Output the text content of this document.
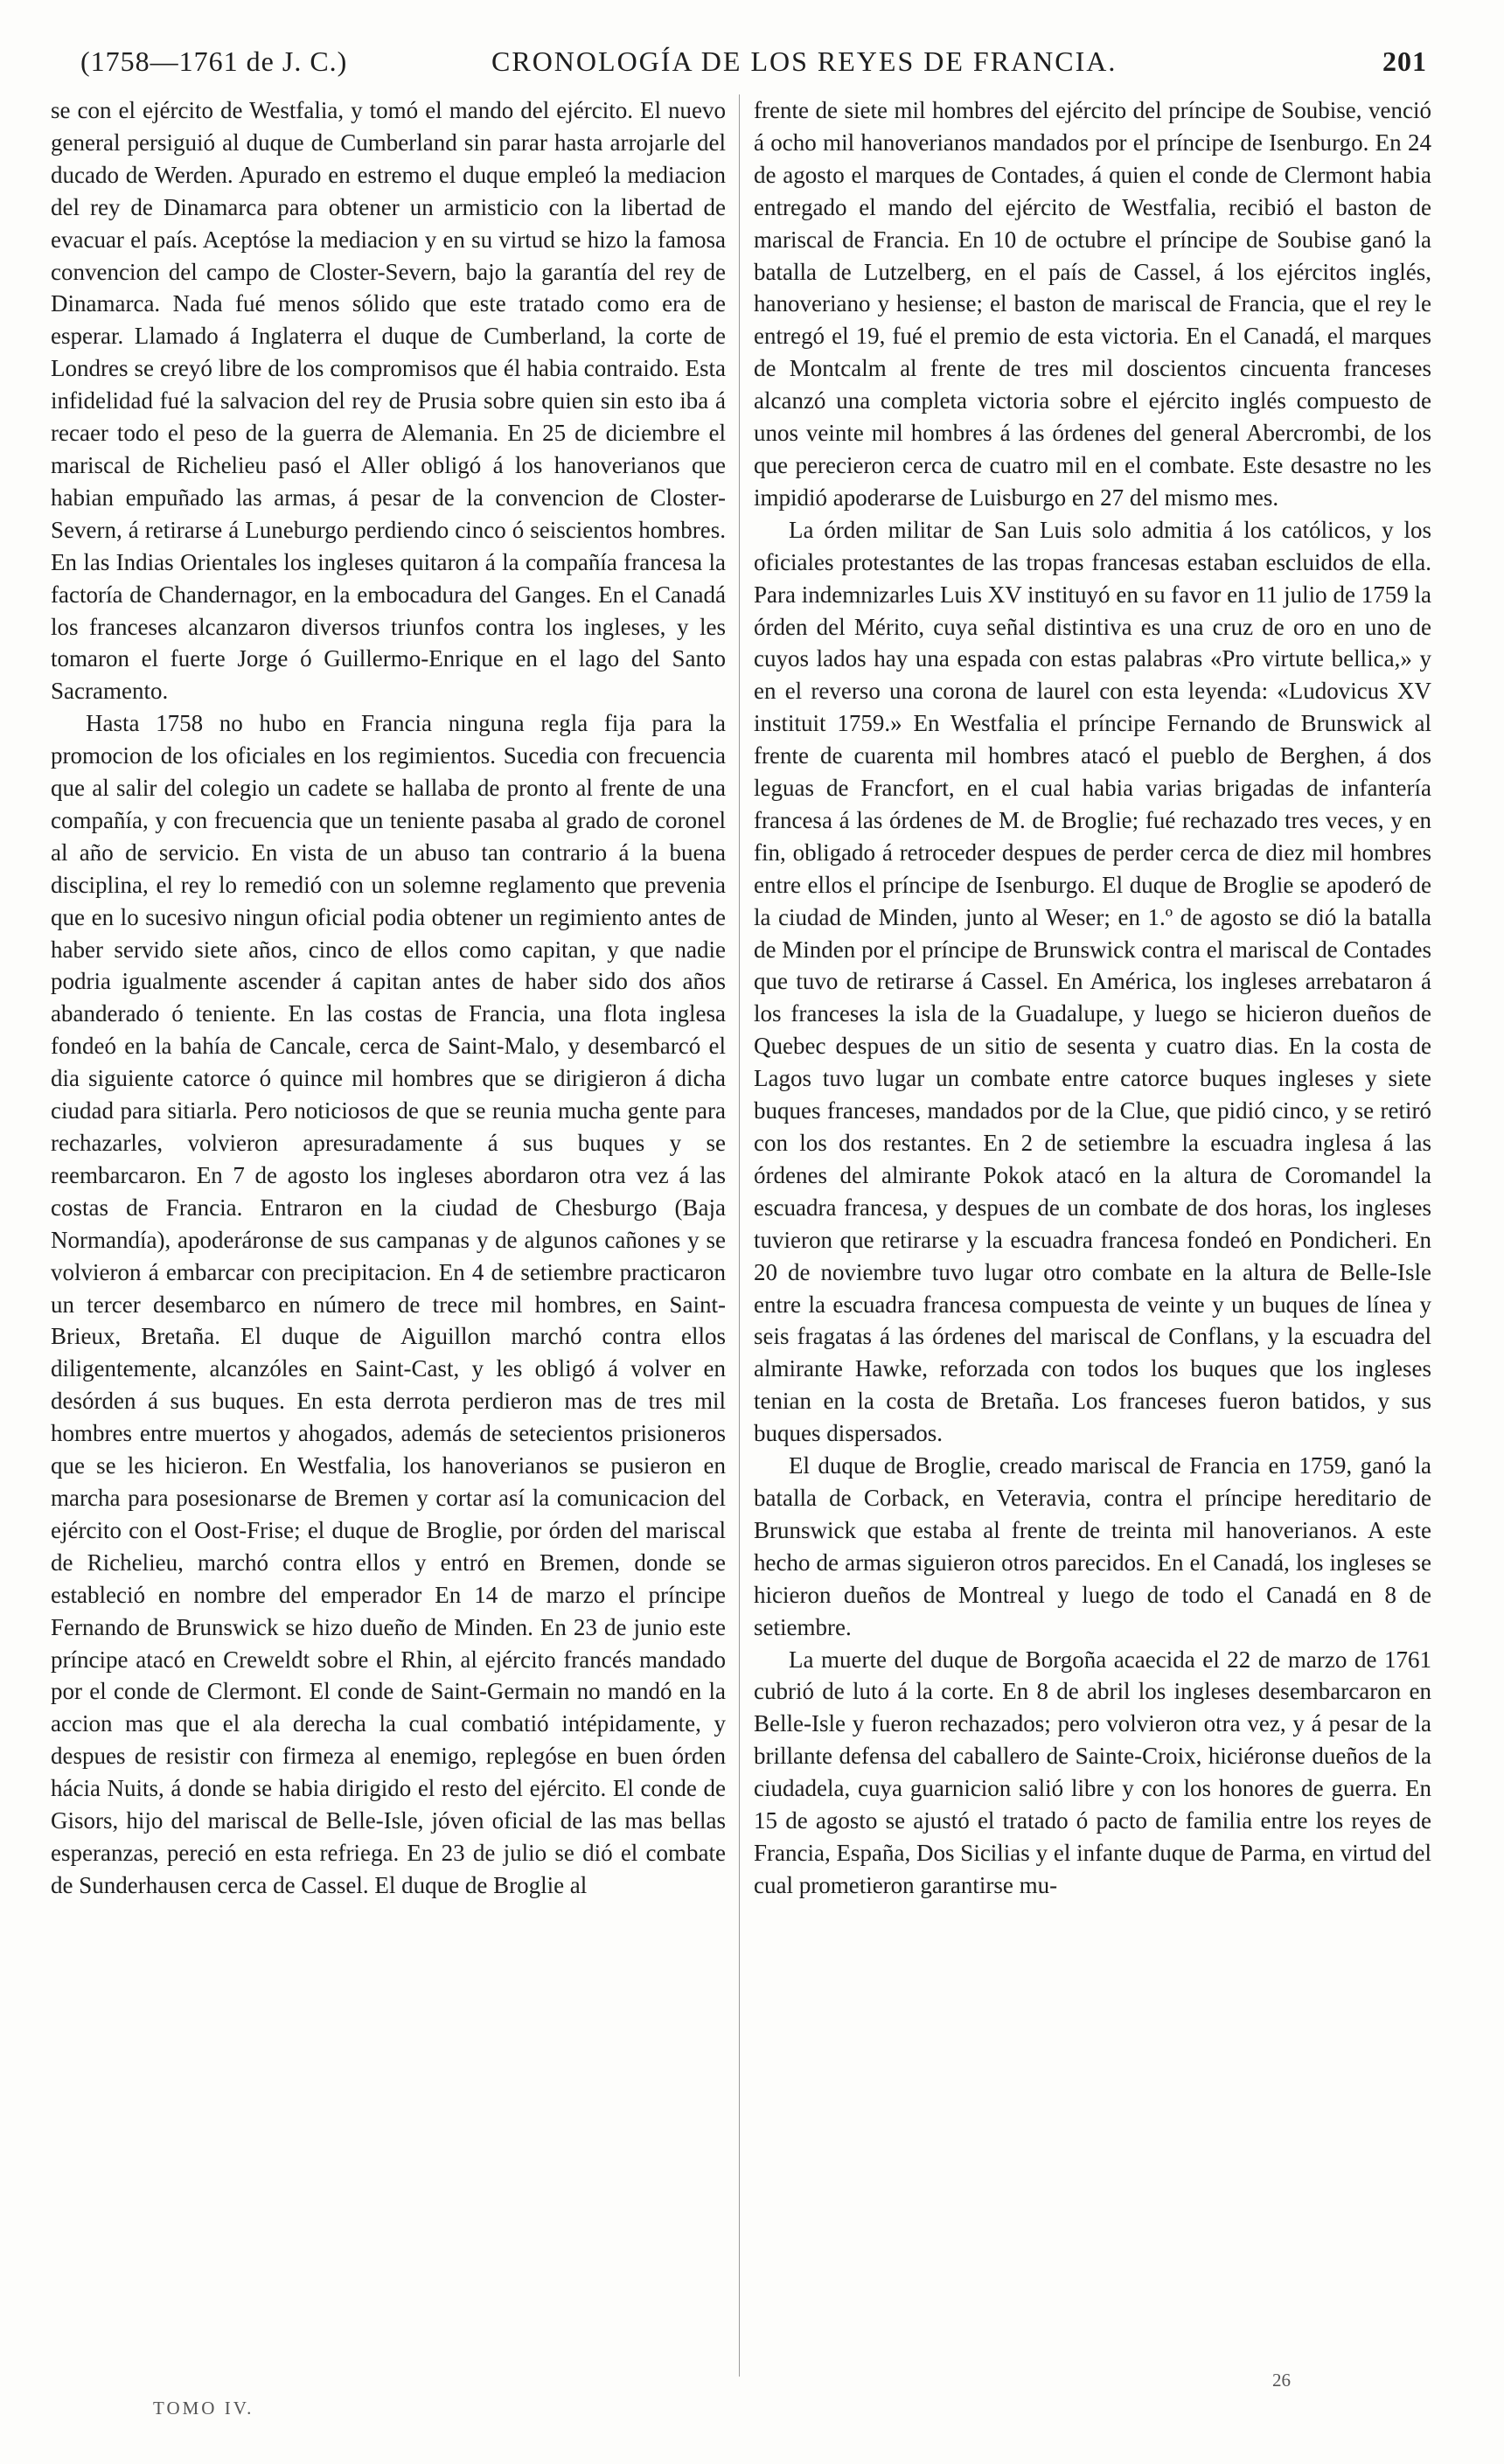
(1758—1761 de J. C.)	CRONOLOGÍA DE LOS REYES DE FRANCIA.	201

se con el ejército de Westfalia, y tomó el mando del ejército. El nuevo general persiguió al duque de Cumberland sin parar hasta arrojarle del ducado de Werden. Apurado en estremo el duque empleó la mediacion del rey de Dinamarca para obtener un armisticio con la libertad de evacuar el país. Aceptóse la mediacion y en su virtud se hizo la famosa convencion del campo de Closter-Severn, bajo la garantía del rey de Dinamarca. Nada fué menos sólido que este tratado como era de esperar. Llamado á Inglaterra el duque de Cumberland, la corte de Londres se creyó libre de los compromisos que él habia contraido. Esta infidelidad fué la salvacion del rey de Prusia sobre quien sin esto iba á recaer todo el peso de la guerra de Alemania. En 25 de diciembre el mariscal de Richelieu pasó el Aller obligó á los hanoverianos que habian empuñado las armas, á pesar de la convencion de Closter-Severn, á retirarse á Luneburgo perdiendo cinco ó seiscientos hombres. En las Indias Orientales los ingleses quitaron á la compañía francesa la factoría de Chandernagor, en la embocadura del Ganges. En el Canadá los franceses alcanzaron diversos triunfos contra los ingleses, y les tomaron el fuerte Jorge ó Guillermo-Enrique en el lago del Santo Sacramento.

Hasta 1758 no hubo en Francia ninguna regla fija para la promocion de los oficiales en los regimientos. Sucedia con frecuencia que al salir del colegio un cadete se hallaba de pronto al frente de una compañía, y con frecuencia que un teniente pasaba al grado de coronel al año de servicio. En vista de un abuso tan contrario á la buena disciplina, el rey lo remedió con un solemne reglamento que prevenia que en lo sucesivo ningun oficial podia obtener un regimiento antes de haber servido siete años, cinco de ellos como capitan, y que nadie podria igualmente ascender á capitan antes de haber sido dos años abanderado ó teniente. En las costas de Francia, una flota inglesa fondeó en la bahía de Cancale, cerca de Saint-Malo, y desembarcó el dia siguiente catorce ó quince mil hombres que se dirigieron á dicha ciudad para sitiarla. Pero noticiosos de que se reunia mucha gente para rechazarles, volvieron apresuradamente á sus buques y se reembarcaron. En 7 de agosto los ingleses abordaron otra vez á las costas de Francia. Entraron en la ciudad de Chesburgo (Baja Normandía), apoderáronse de sus campanas y de algunos cañones y se volvieron á embarcar con precipitacion. En 4 de setiembre practicaron un tercer desembarco en número de trece mil hombres, en Saint-Brieux, Bretaña. El duque de Aiguillon marchó contra ellos diligentemente, alcanzóles en Saint-Cast, y les obligó á volver en desórden á sus buques. En esta derrota perdieron mas de tres mil hombres entre muertos y ahogados, además de setecientos prisioneros que se les hicieron. En Westfalia, los hanoverianos se pusieron en marcha para posesionarse de Bremen y cortar así la comunicacion del ejército con el Oost-Frise; el duque de Broglie, por órden del mariscal de Richelieu, marchó contra ellos y entró en Bremen, donde se estableció en nombre del emperador En 14 de marzo el príncipe Fernando de Brunswick se hizo dueño de Minden. En 23 de junio este príncipe atacó en Creweldt sobre el Rhin, al ejército francés mandado por el conde de Clermont. El conde de Saint-Germain no mandó en la accion mas que el ala derecha la cual combatió intépidamente, y despues de resistir con firmeza al enemigo, replegóse en buen órden hácia Nuits, á donde se habia dirigido el resto del ejército. El conde de Gisors, hijo del mariscal de Belle-Isle, jóven oficial de las mas bellas esperanzas, pereció en esta refriega. En 23 de julio se dió el combate de Sunderhausen cerca de Cassel. El duque de Broglie al

frente de siete mil hombres del ejército del príncipe de Soubise, venció á ocho mil hanoverianos mandados por el príncipe de Isenburgo. En 24 de agosto el marques de Contades, á quien el conde de Clermont habia entregado el mando del ejército de Westfalia, recibió el baston de mariscal de Francia. En 10 de octubre el príncipe de Soubise ganó la batalla de Lutzelberg, en el país de Cassel, á los ejércitos inglés, hanoveriano y hesiense; el baston de mariscal de Francia, que el rey le entregó el 19, fué el premio de esta victoria. En el Canadá, el marques de Montcalm al frente de tres mil doscientos cincuenta franceses alcanzó una completa victoria sobre el ejército inglés compuesto de unos veinte mil hombres á las órdenes del general Abercrombi, de los que perecieron cerca de cuatro mil en el combate. Este desastre no les impidió apoderarse de Luisburgo en 27 del mismo mes.

La órden militar de San Luis solo admitia á los católicos, y los oficiales protestantes de las tropas francesas estaban escluidos de ella. Para indemnizarles Luis XV instituyó en su favor en 11 julio de 1759 la órden del Mérito, cuya señal distintiva es una cruz de oro en uno de cuyos lados hay una espada con estas palabras «Pro virtute bellica,» y en el reverso una corona de laurel con esta leyenda: «Ludovicus XV instituit 1759.» En Westfalia el príncipe Fernando de Brunswick al frente de cuarenta mil hombres atacó el pueblo de Berghen, á dos leguas de Francfort, en el cual habia varias brigadas de infantería francesa á las órdenes de M. de Broglie; fué rechazado tres veces, y en fin, obligado á retroceder despues de perder cerca de diez mil hombres entre ellos el príncipe de Isenburgo. El duque de Broglie se apoderó de la ciudad de Minden, junto al Weser; en 1.º de agosto se dió la batalla de Minden por el príncipe de Brunswick contra el mariscal de Contades que tuvo de retirarse á Cassel. En América, los ingleses arrebataron á los franceses la isla de la Guadalupe, y luego se hicieron dueños de Quebec despues de un sitio de sesenta y cuatro dias. En la costa de Lagos tuvo lugar un combate entre catorce buques ingleses y siete buques franceses, mandados por de la Clue, que pidió cinco, y se retiró con los dos restantes. En 2 de setiembre la escuadra inglesa á las órdenes del almirante Pokok atacó en la altura de Coromandel la escuadra francesa, y despues de un combate de dos horas, los ingleses tuvieron que retirarse y la escuadra francesa fondeó en Pondicheri. En 20 de noviembre tuvo lugar otro combate en la altura de Belle-Isle entre la escuadra francesa compuesta de veinte y un buques de línea y seis fragatas á las órdenes del mariscal de Conflans, y la escuadra del almirante Hawke, reforzada con todos los buques que los ingleses tenian en la costa de Bretaña. Los franceses fueron batidos, y sus buques dispersados.

El duque de Broglie, creado mariscal de Francia en 1759, ganó la batalla de Corback, en Veteravia, contra el príncipe hereditario de Brunswick que estaba al frente de treinta mil hanoverianos. A este hecho de armas siguieron otros parecidos. En el Canadá, los ingleses se hicieron dueños de Montreal y luego de todo el Canadá en 8 de setiembre.

La muerte del duque de Borgoña acaecida el 22 de marzo de 1761 cubrió de luto á la corte. En 8 de abril los ingleses desembarcaron en Belle-Isle y fueron rechazados; pero volvieron otra vez, y á pesar de la brillante defensa del caballero de Sainte-Croix, hiciéronse dueños de la ciudadela, cuya guarnicion salió libre y con los honores de guerra. En 15 de agosto se ajustó el tratado ó pacto de familia entre los reyes de Francia, España, Dos Sicilias y el infante duque de Parma, en virtud del cual prometieron garantirse mu-

TOMO IV.
26
